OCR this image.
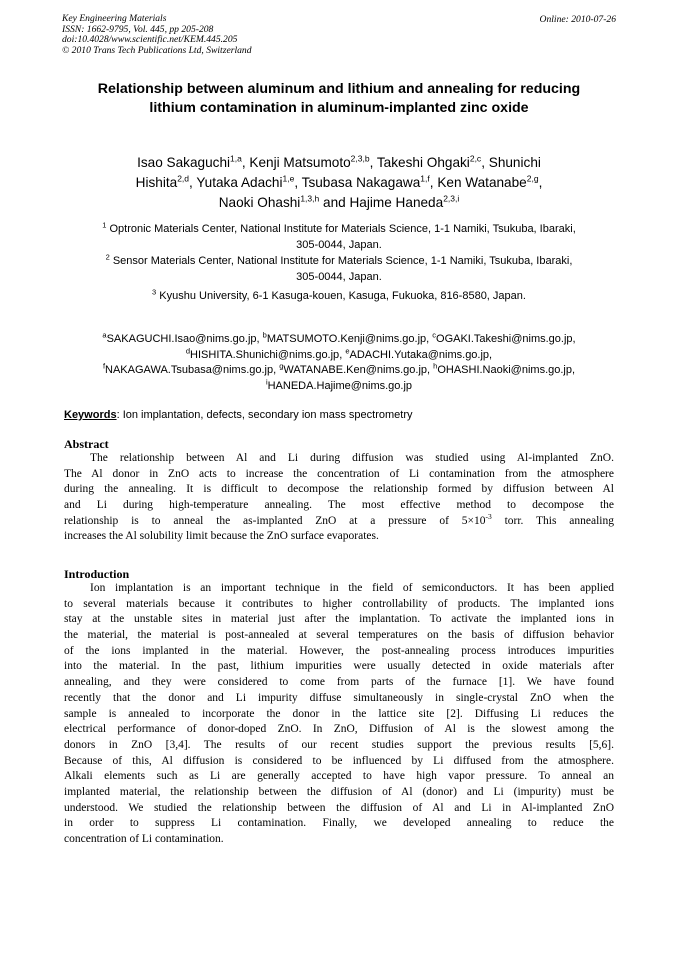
Key Engineering Materials
ISSN: 1662-9795, Vol. 445, pp 205-208
doi:10.4028/www.scientific.net/KEM.445.205
© 2010 Trans Tech Publications Ltd, Switzerland
Online: 2010-07-26
Relationship between aluminum and lithium and annealing for reducing
lithium contamination in aluminum-implanted zinc oxide
Isao Sakaguchi$^{1,a}$, Kenji Matsumoto$^{2,3,b}$, Takeshi Ohgaki$^{2,c}$, Shunichi
Hishita$^{2,d}$, Yutaka Adachi$^{1,e}$, Tsubasa Nakagawa$^{1,f}$, Ken Watanabe$^{2,g}$,
Naoki Ohashi$^{1,3,h}$ and Hajime Haneda$^{2,3,i}$
$^1$ Optronic Materials Center, National Institute for Materials Science, 1-1 Namiki, Tsukuba, Ibaraki,
305-0044, Japan.
$^2$ Sensor Materials Center, National Institute for Materials Science, 1-1 Namiki, Tsukuba, Ibaraki,
305-0044, Japan.
$^3$ Kyushu University, 6-1 Kasuga-kouen, Kasuga, Fukuoka, 816-8580, Japan.
$^a$SAKAGUCHI.Isao@nims.go.jp, $^b$MATSUMOTO.Kenji@nims.go.jp, $^c$OGAKI.Takeshi@nims.go.jp,
$^d$HISHITA.Shunichi@nims.go.jp, $^e$ADACHI.Yutaka@nims.go.jp,
$^f$NAKAGAWA.Tsubasa@nims.go.jp, $^g$WATANABE.Ken@nims.go.jp, $^h$OHASHI.Naoki@nims.go.jp,
$^i$HANEDA.Hajime@nims.go.jp
Keywords: Ion implantation, defects, secondary ion mass spectrometry
Abstract
The relationship between Al and Li during diffusion was studied using Al-implanted ZnO.
The Al donor in ZnO acts to increase the concentration of Li contamination from the atmosphere
during the annealing. It is difficult to decompose the relationship formed by diffusion between Al
and Li during high-temperature annealing. The most effective method to decompose the
relationship is to anneal the as-implanted ZnO at a pressure of $5\times 10^{-3}$ torr. This annealing
increases the Al solubility limit because the ZnO surface evaporates.
Introduction
Ion implantation is an important technique in the field of semiconductors. It has been applied
to several materials because it contributes to higher controllability of products. The implanted ions
stay at the unstable sites in material just after the implantation. To activate the implanted ions in
the material, the material is post-annealed at several temperatures on the basis of diffusion behavior
of the ions implanted in the material. However, the post-annealing process introduces impurities
into the material. In the past, lithium impurities were usually detected in oxide materials after
annealing, and they were considered to come from parts of the furnace [1]. We have found
recently that the donor and Li impurity diffuse simultaneously in single-crystal ZnO when the
sample is annealed to incorporate the donor in the lattice site [2]. Diffusing Li reduces the
electrical performance of donor-doped ZnO. In ZnO, Diffusion of Al is the slowest among the
donors in ZnO [3,4]. The results of our recent studies support the previous results [5,6].
Because of this, Al diffusion is considered to be influenced by Li diffused from the atmosphere.
Alkali elements such as Li are generally accepted to have high vapor pressure. To anneal an
implanted material, the relationship between the diffusion of Al (donor) and Li (impurity) must be
understood. We studied the relationship between the diffusion of Al and Li in Al-implanted ZnO
in order to suppress Li contamination. Finally, we developed annealing to reduce the
concentration of Li contamination.
